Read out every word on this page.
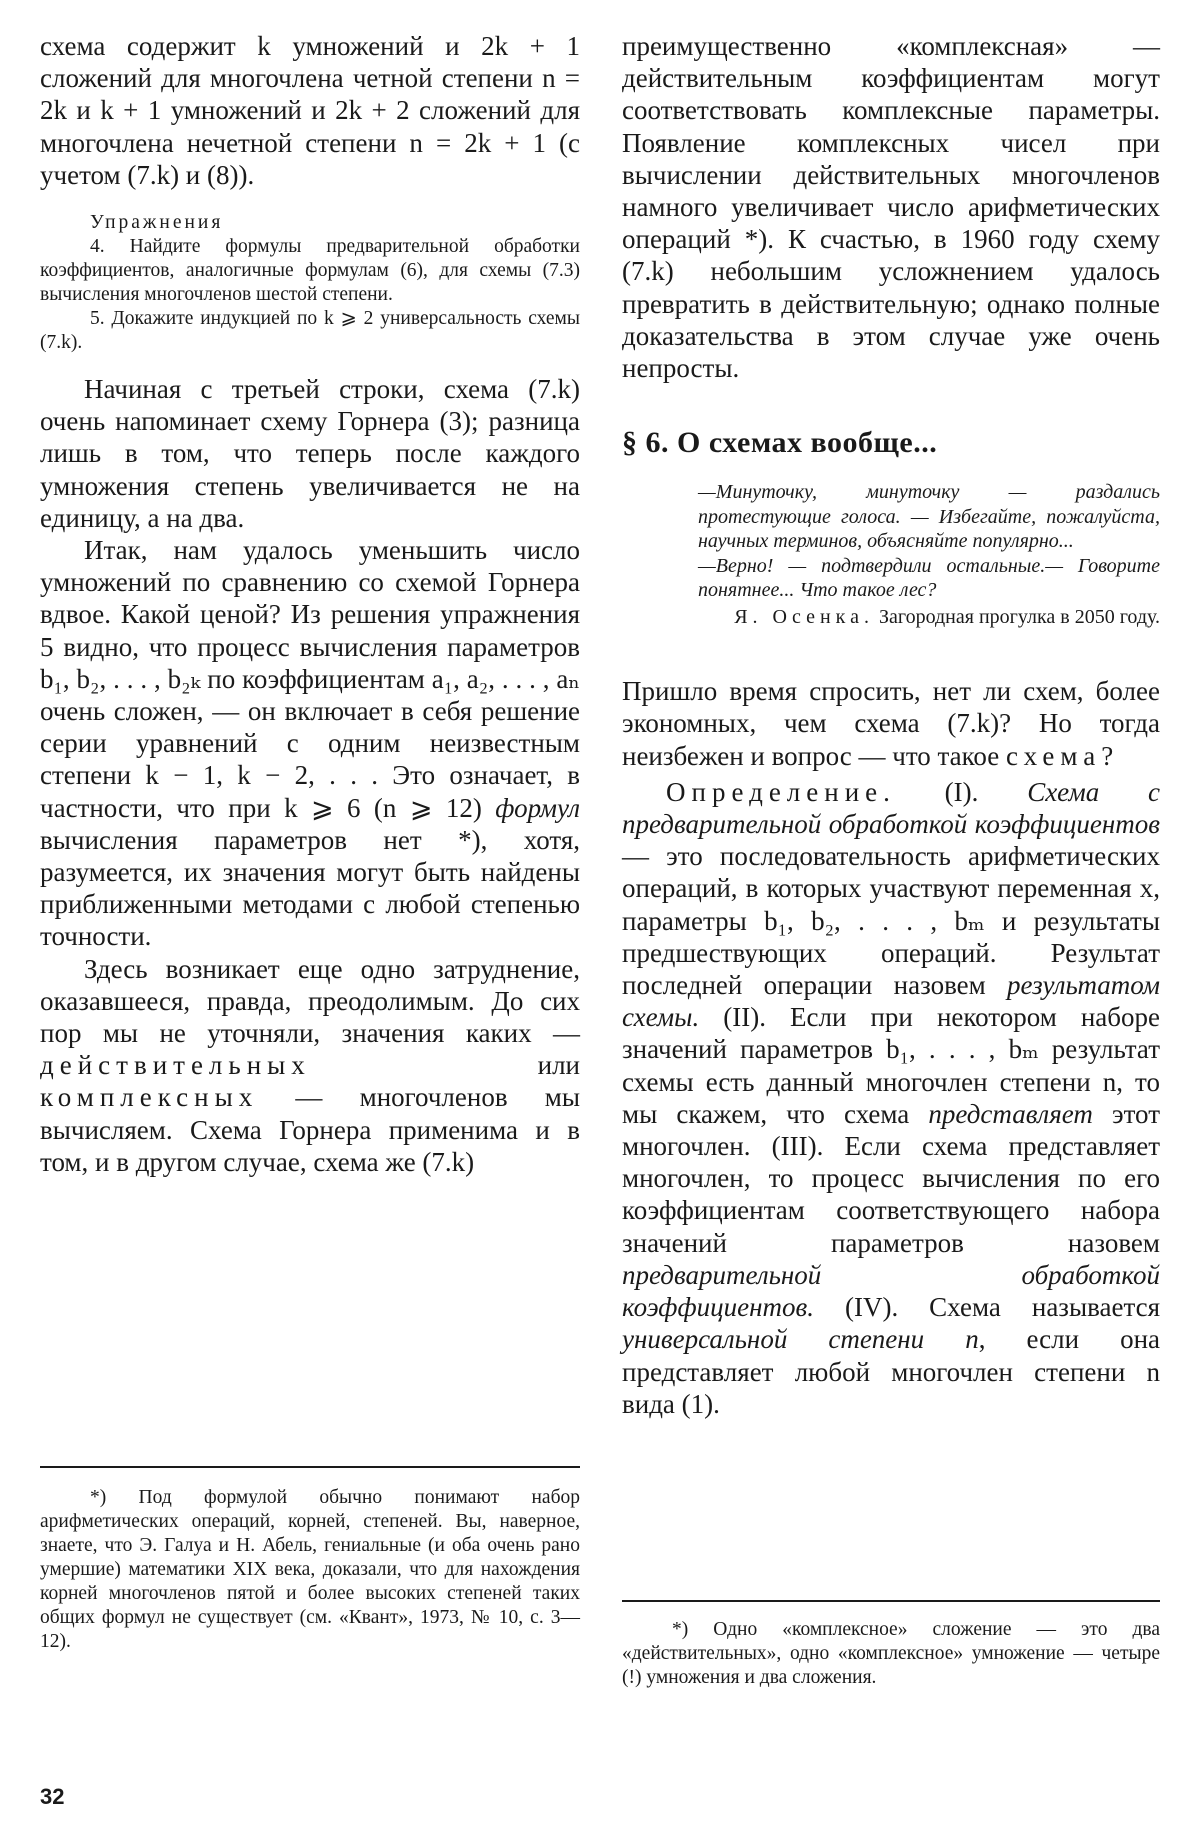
схема содержит k умножений и 2k + 1 сложений для многочлена четной степени n = 2k и k + 1 умножений и 2k + 2 сложений для многочлена нечетной степени n = 2k + 1 (с учетом (7.k) и (8)).

Упражнения

4. Найдите формулы предварительной обработки коэффициентов, аналогичные формулам (6), для схемы (7.3) вычисления многочленов шестой степени.

5. Докажите индукцией по k ⩾ 2 универсальность схемы (7.k).

Начиная с третьей строки, схема (7.k) очень напоминает схему Горнера (3); разница лишь в том, что теперь после каждого умножения степень увеличивается не на единицу, а на два.

Итак, нам удалось уменьшить число умножений по сравнению со схемой Горнера вдвое. Какой ценой? Из решения упражнения 5 видно, что процесс вычисления параметров b₁, b₂, . . . , b₂ₖ по коэффициентам a₁, a₂, . . . , aₙ очень сложен, — он включает в себя решение серии уравнений с одним неизвестным степени k − 1, k − 2, . . . Это означает, в частности, что при k ⩾ 6 (n ⩾ 12) формул вычисления параметров нет *), хотя, разумеется, их значения могут быть найдены приближенными методами с любой степенью точности.

Здесь возникает еще одно затруднение, оказавшееся, правда, преодолимым. До сих пор мы не уточняли, значения каких — действительных или комплексных — многочленов мы вычисляем. Схема Горнера применима и в том, и в другом случае, схема же (7.k)

*) Под формулой обычно понимают набор арифметических операций, корней, степеней. Вы, наверное, знаете, что Э. Галуа и Н. Абель, гениальные (и оба очень рано умершие) математики XIX века, доказали, что для нахождения корней многочленов пятой и более высоких степеней таких общих формул не существует (см. «Квант», 1973, № 10, с. 3—12).

преимущественно «комплексная» — действительным коэффициентам могут соответствовать комплексные параметры. Появление комплексных чисел при вычислении действительных многочленов намного увеличивает число арифметических операций *). К счастью, в 1960 году схему (7.k) небольшим усложнением удалось превратить в действительную; однако полные доказательства в этом случае уже очень непросты.

§ 6. О схемах вообще...

—Минуточку, минуточку — раздались протестующие голоса. — Избегайте, пожалуйста, научных терминов, объясняйте популярно...

—Верно! — подтвердили остальные.— Говорите понятнее... Что такое лес?

Я. Осенка. Загородная прогулка в 2050 году.

Пришло время спросить, нет ли схем, более экономных, чем схема (7.k)? Но тогда неизбежен и вопрос — что такое схема?

Определение. (I). Схема с предварительной обработкой коэффициентов — это последовательность арифметических операций, в которых участвуют переменная x, параметры b₁, b₂, . . . , bₘ и результаты предшествующих операций. Результат последней операции назовем результатом схемы. (II). Если при некотором наборе значений параметров b₁, . . . , bₘ результат схемы есть данный многочлен степени n, то мы скажем, что схема представляет этот многочлен. (III). Если схема представляет многочлен, то процесс вычисления по его коэффициентам соответствующего набора значений параметров назовем предварительной обработкой коэффициентов. (IV). Схема называется универсальной степени n, если она представляет любой многочлен степени n вида (1).

*) Одно «комплексное» сложение — это два «действительных», одно «комплексное» умножение — четыре (!) умножения и два сложения.

32
